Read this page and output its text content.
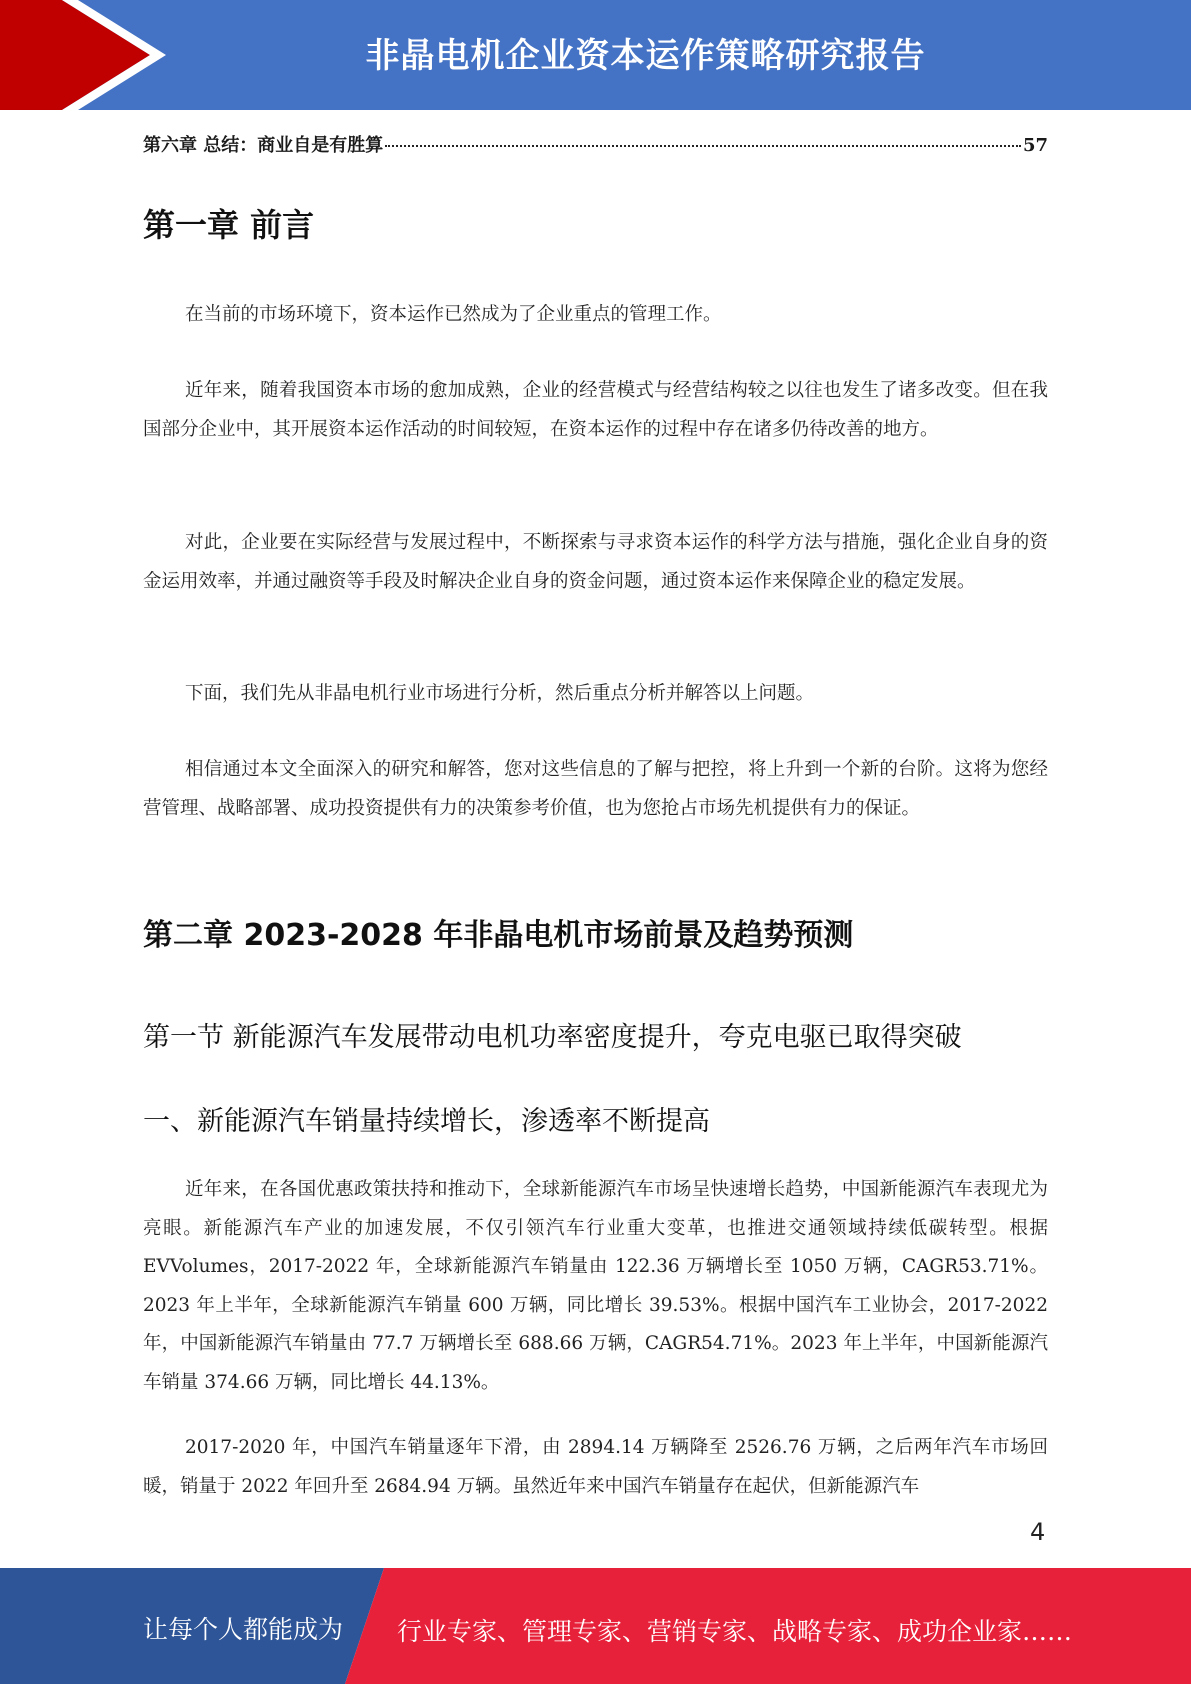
非晶电机企业资本运作策略研究报告
第六章 总结：商业自是有胜算	57
第一章 前言

在当前的市场环境下，资本运作已然成为了企业重点的管理工作。

近年来，随着我国资本市场的愈加成熟，企业的经营模式与经营结构较之以往也发生了诸多改变。但在我国部分企业中，其开展资本运作活动的时间较短，在资本运作的过程中存在诸多仍待改善的地方。

对此，企业要在实际经营与发展过程中，不断探索与寻求资本运作的科学方法与措施，强化企业自身的资金运用效率，并通过融资等手段及时解决企业自身的资金问题，通过资本运作来保障企业的稳定发展。

下面，我们先从非晶电机行业市场进行分析，然后重点分析并解答以上问题。

相信通过本文全面深入的研究和解答，您对这些信息的了解与把控，将上升到一个新的台阶。这将为您经营管理、战略部署、成功投资提供有力的决策参考价值，也为您抢占市场先机提供有力的保证。

第二章 2023-2028 年非晶电机市场前景及趋势预测
第一节 新能源汽车发展带动电机功率密度提升，夸克电驱已取得突破
一、新能源汽车销量持续增长，渗透率不断提高

近年来，在各国优惠政策扶持和推动下，全球新能源汽车市场呈快速增长趋势，中国新能源汽车表现尤为亮眼。新能源汽车产业的加速发展，不仅引领汽车行业重大变革，也推进交通领域持续低碳转型。根据 EVVolumes，2017-2022 年，全球新能源汽车销量由 122.36 万辆增长至 1050 万辆，CAGR53.71%。2023 年上半年，全球新能源汽车销量 600 万辆，同比增长 39.53%。根据中国汽车工业协会，2017-2022 年，中国新能源汽车销量由 77.7 万辆增长至 688.66 万辆，CAGR54.71%。2023 年上半年，中国新能源汽车销量 374.66 万辆，同比增长 44.13%。

2017-2020 年，中国汽车销量逐年下滑，由 2894.14 万辆降至 2526.76 万辆，之后两年汽车市场回暖，销量于 2022 年回升至 2684.94 万辆。虽然近年来中国汽车销量存在起伏，但新能源汽车

4
让每个人都能成为 行业专家、管理专家、营销专家、战略专家、成功企业家……
